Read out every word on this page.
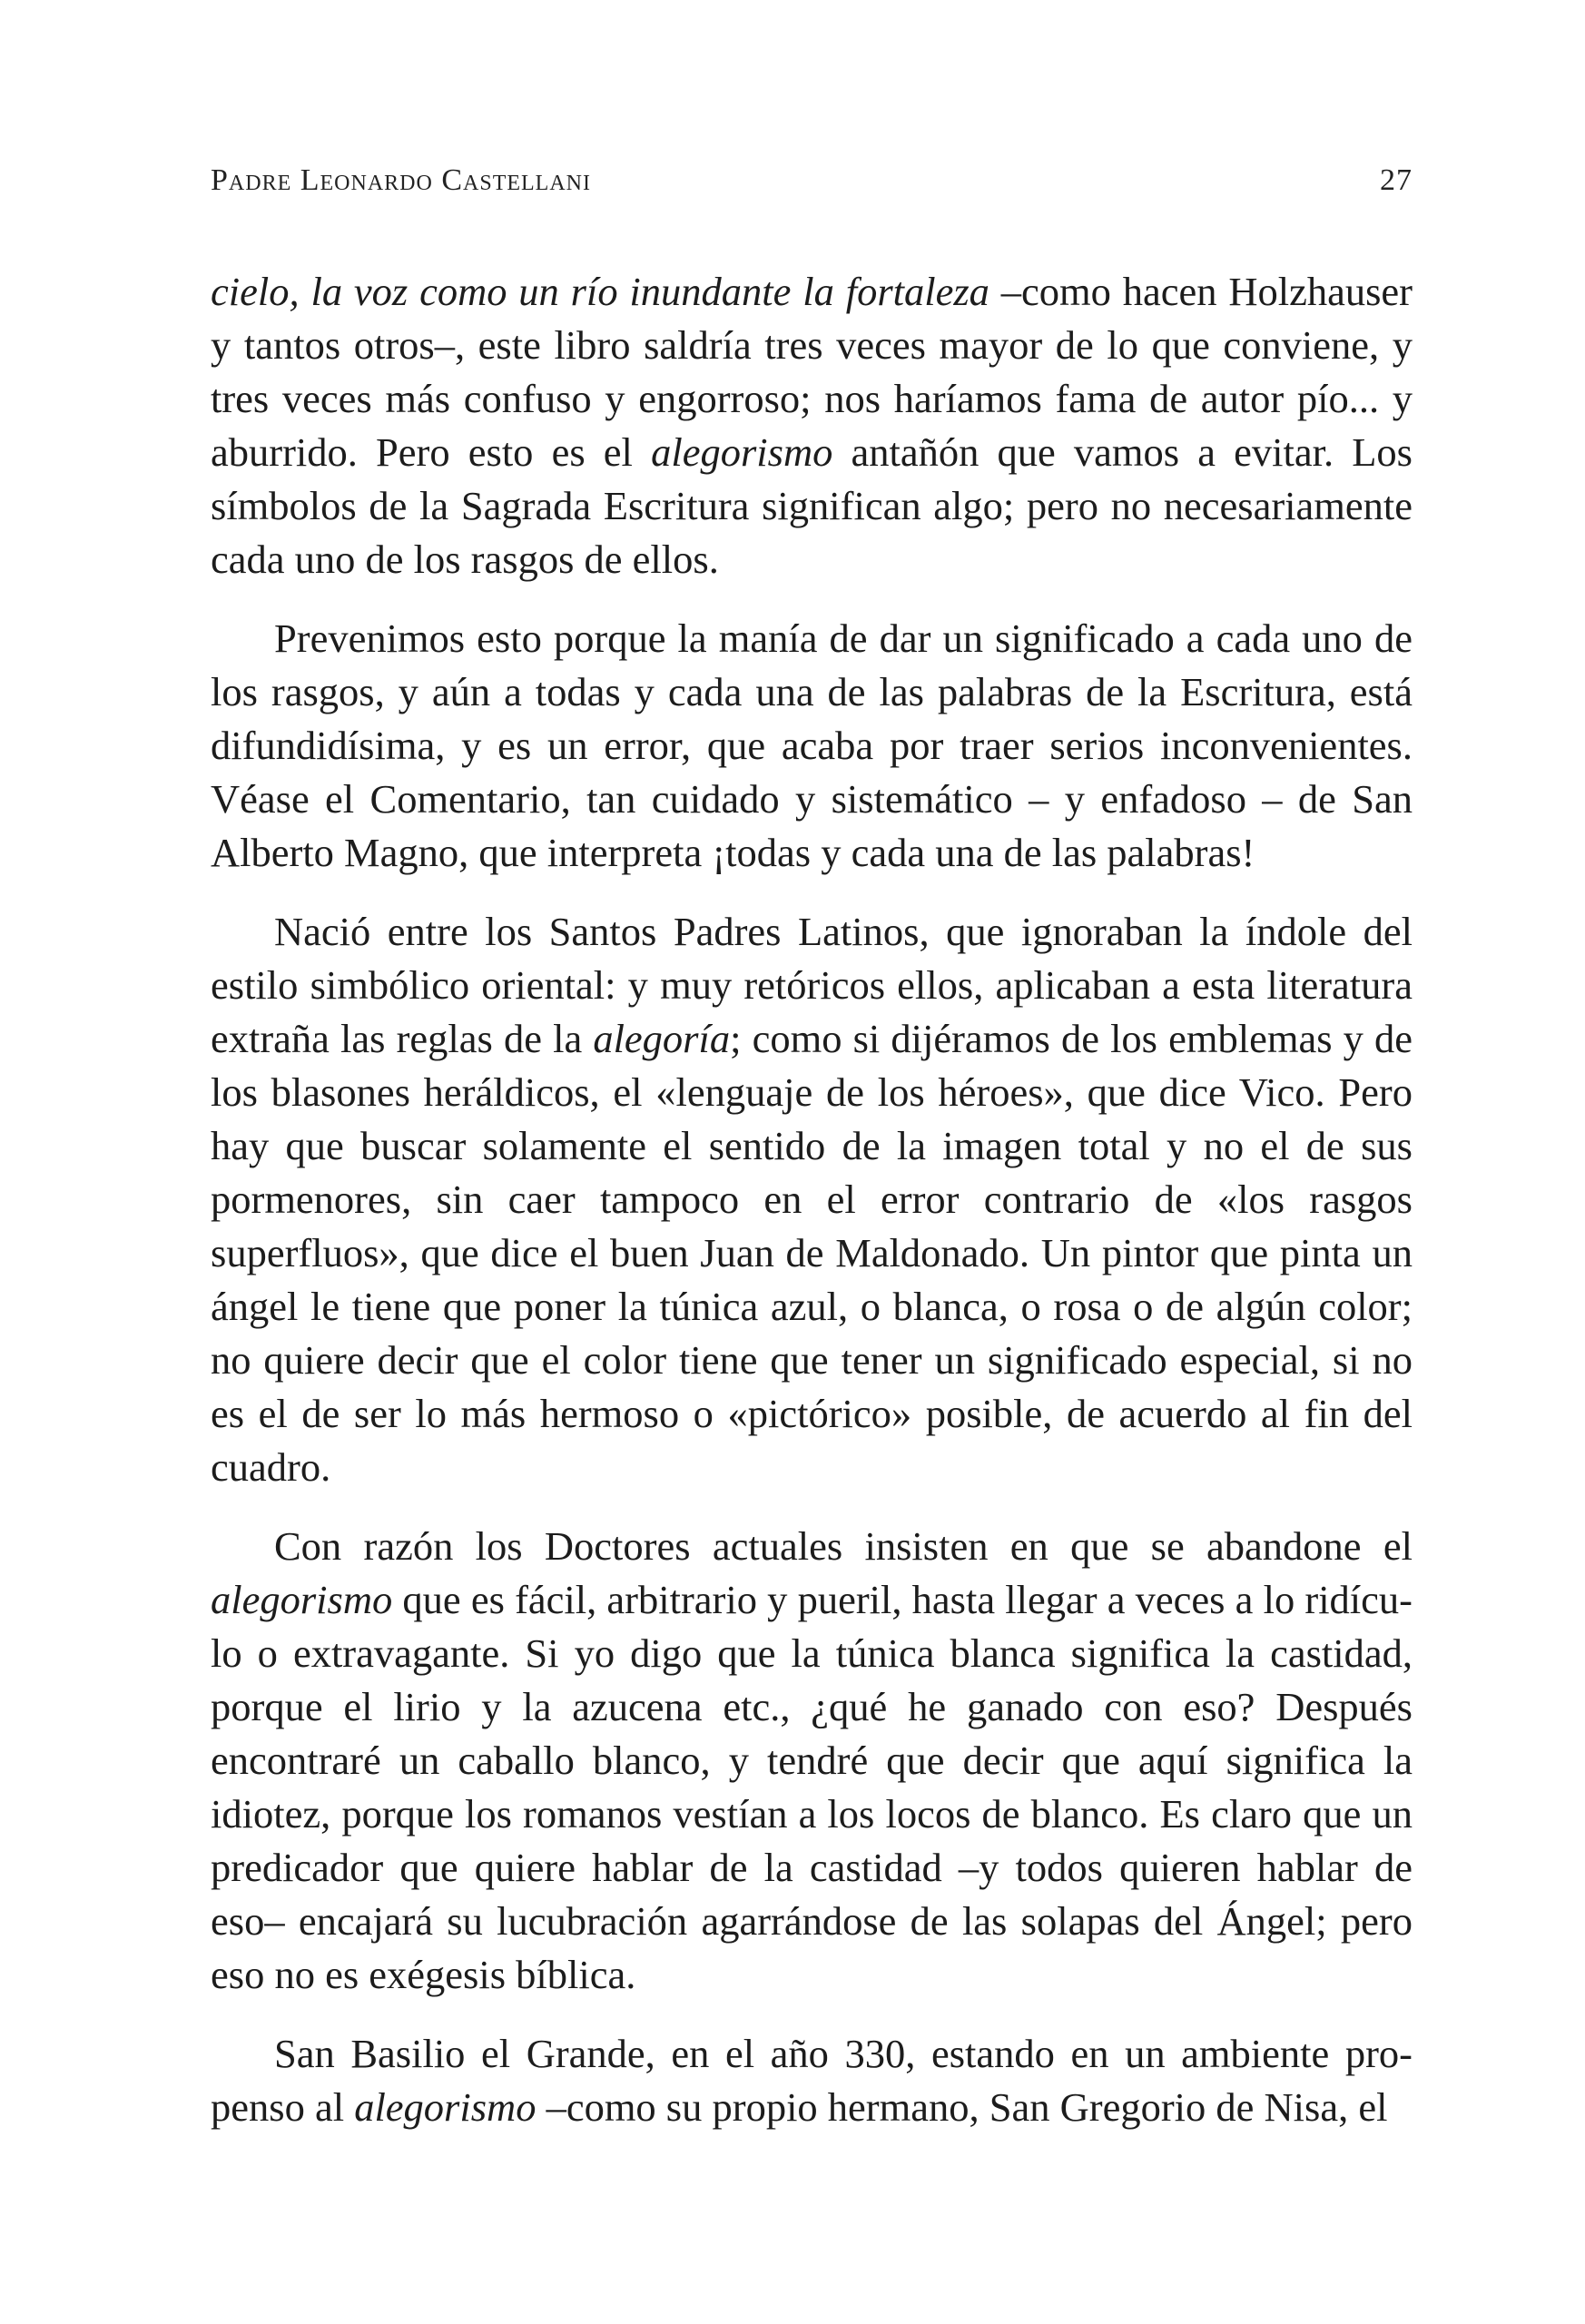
Padre Leonardo Castellani	27

cielo, la voz como un río inundante la fortaleza –como hacen Holzhauser y tantos otros–, este libro saldría tres veces mayor de lo que conviene, y tres veces más confuso y engorroso; nos haríamos fama de autor pío... y aburrido. Pero esto es el alegorismo antañón que vamos a evitar. Los símbolos de la Sagrada Escritura significan algo; pero no necesariamente cada uno de los rasgos de ellos.

Prevenimos esto porque la manía de dar un significado a cada uno de los rasgos, y aún a todas y cada una de las palabras de la Escritura, está difundidísima, y es un error, que acaba por traer serios inconvenientes. Véase el Comentario, tan cuidado y sistemático – y enfadoso – de San Alberto Magno, que interpreta ¡todas y cada una de las palabras!

Nació entre los Santos Padres Latinos, que ignoraban la índole del estilo simbólico oriental: y muy retóricos ellos, aplicaban a esta literatura extraña las reglas de la alegoría; como si dijéramos de los emblemas y de los blasones heráldicos, el «lenguaje de los héroes», que dice Vico. Pero hay que buscar solamente el sentido de la imagen total y no el de sus pormenores, sin caer tampoco en el error contrario de «los rasgos superfluos», que dice el buen Juan de Maldonado. Un pintor que pinta un ángel le tiene que poner la túnica azul, o blanca, o rosa o de algún color; no quiere decir que el color tiene que tener un significado especial, si no es el de ser lo más hermoso o «pictórico» posible, de acuerdo al fin del cuadro.

Con razón los Doctores actuales insisten en que se abandone el alegorismo que es fácil, arbitrario y pueril, hasta llegar a veces a lo ridículo o extravagante. Si yo digo que la túnica blanca significa la castidad, porque el lirio y la azucena etc., ¿qué he ganado con eso? Después encontraré un caballo blanco, y tendré que decir que aquí significa la idiotez, porque los romanos vestían a los locos de blanco. Es claro que un predicador que quiere hablar de la castidad –y todos quieren hablar de eso– encajará su lucubración agarrándose de las solapas del Ángel; pero eso no es exégesis bíblica.

San Basilio el Grande, en el año 330, estando en un ambiente propenso al alegorismo –como su propio hermano, San Gregorio de Nisa, el
